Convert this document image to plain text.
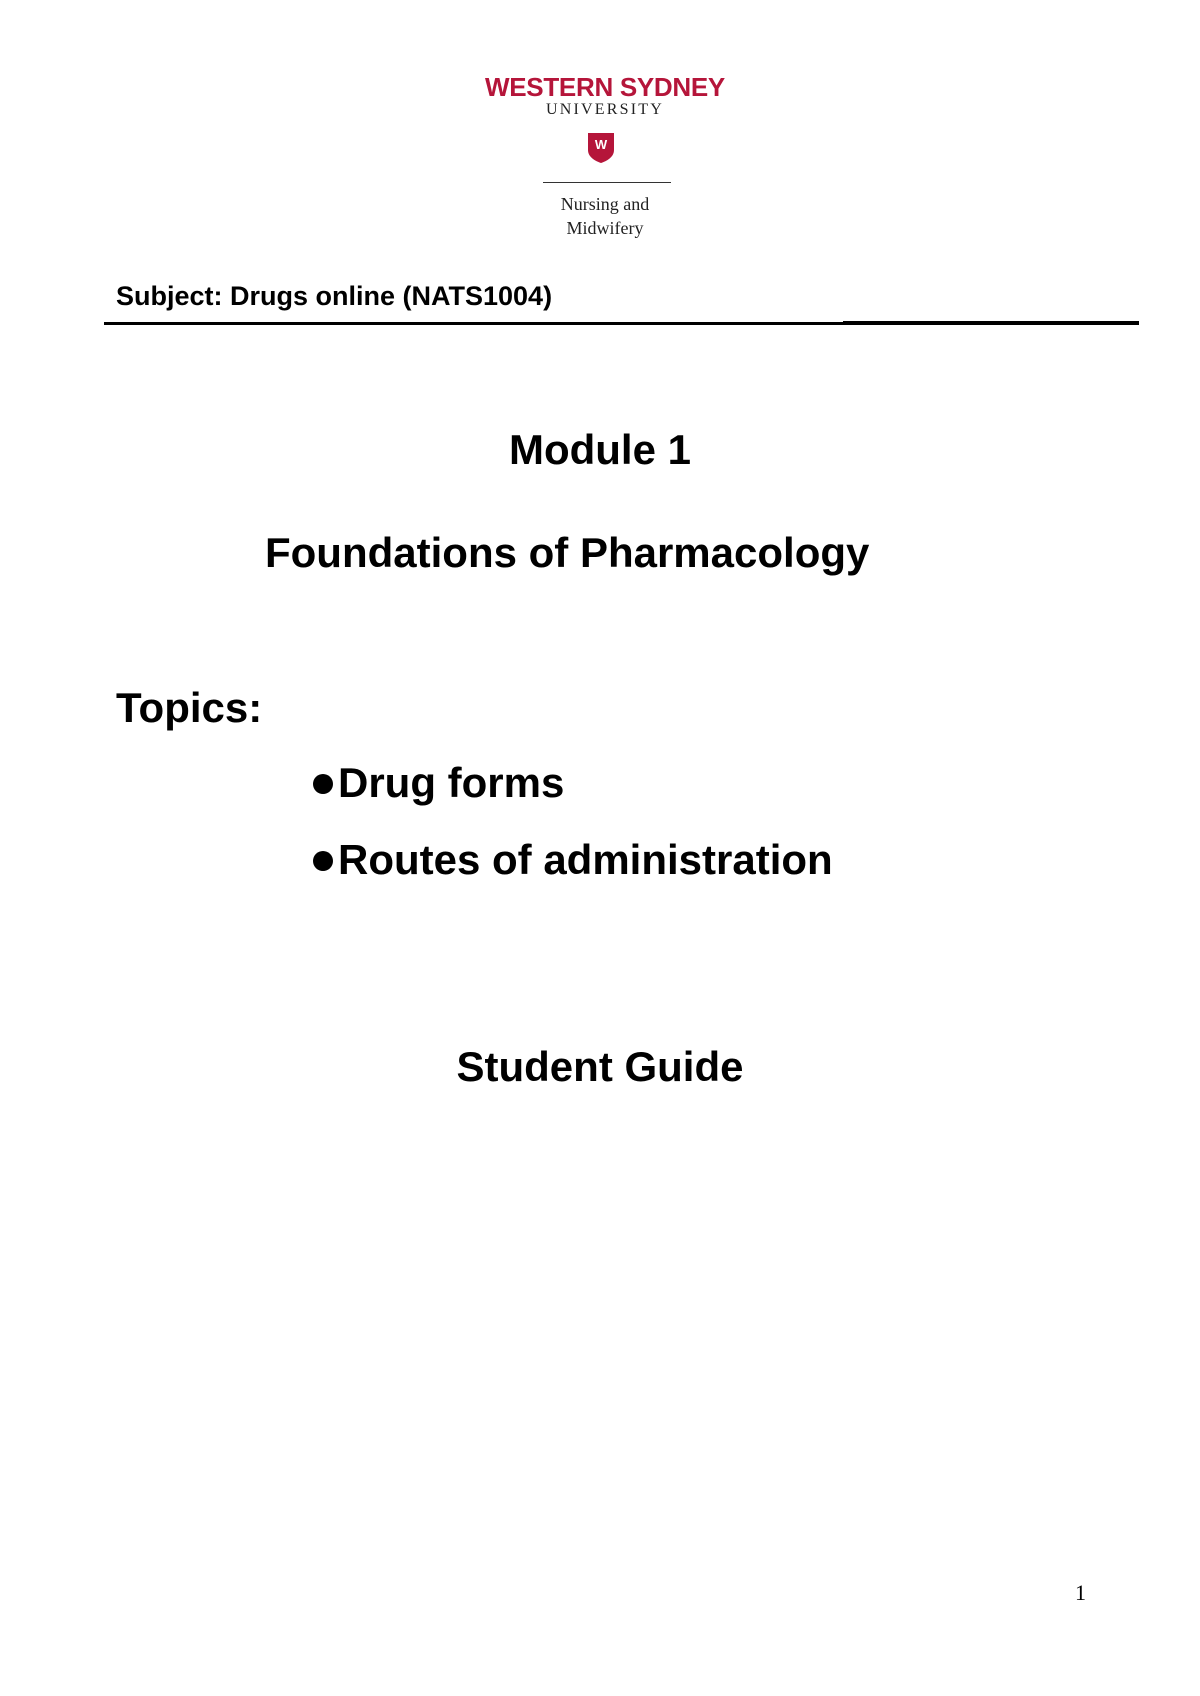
WESTERN SYDNEY
UNIVERSITY
W
Nursing and
Midwifery
Subject: Drugs online (NATS1004)
Module 1
Foundations of Pharmacology
Topics:
Drug forms
Routes of administration
Student Guide
1
